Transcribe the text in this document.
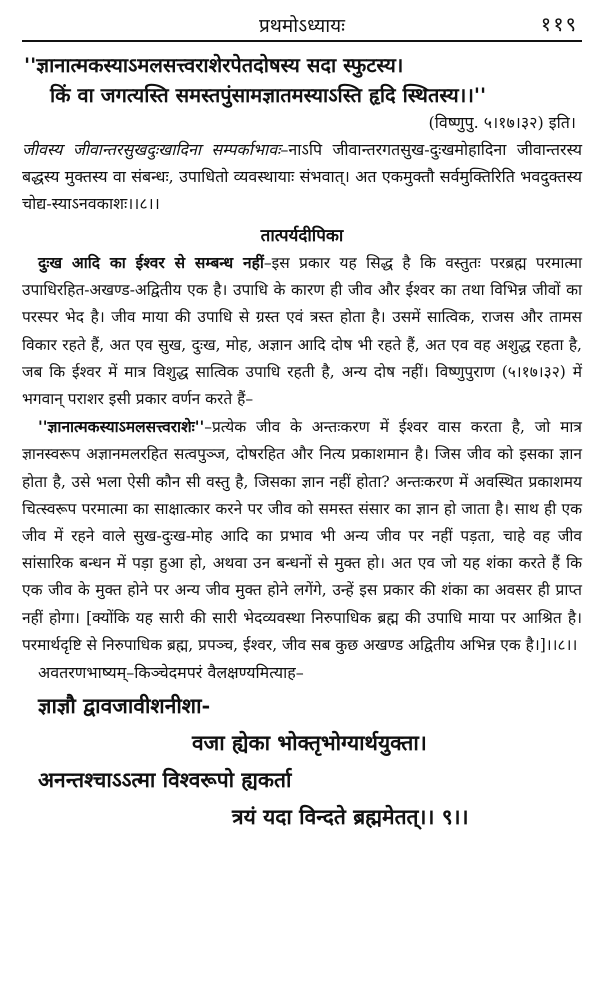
प्रथमोऽध्यायः	११९

''ज्ञानात्मकस्याऽमलसत्त्वराशेरपेतदोषस्य सदा स्फुटस्य।

किं वा जगत्यस्ति समस्तपुंसामज्ञातमस्याऽस्ति हृदि स्थितस्य।।''

(विष्णुपु. ५।१७।३२) इति।

जीवस्य जीवान्तरसुखदुःखादिना सम्पर्काभावः–नाऽपि जीवान्तरगतसुख-दुःखमोहादिना जीवान्तरस्य बद्धस्य मुक्तस्य वा संबन्धः, उपाधितो व्यवस्थायाः संभवात्। अत एकमुक्तौ सर्वमुक्तिरिति भवदुक्तस्य चोद्य-स्याऽनवकाशः।।८।।

तात्पर्यदीपिका

दुःख आदि का ईश्वर से सम्बन्ध नहीं–इस प्रकार यह सिद्ध है कि वस्तुतः परब्रह्म परमात्मा उपाधिरहित-अखण्ड-अद्वितीय एक है। उपाधि के कारण ही जीव और ईश्वर का तथा विभिन्न जीवों का परस्पर भेद है। जीव माया की उपाधि से ग्रस्त एवं त्रस्त होता है। उसमें सात्विक, राजस और तामस विकार रहते हैं, अत एव सुख, दुःख, मोह, अज्ञान आदि दोष भी रहते हैं, अत एव वह अशुद्ध रहता है, जब कि ईश्वर में मात्र विशुद्ध सात्विक उपाधि रहती है, अन्य दोष नहीं। विष्णुपुराण (५।१७।३२) में भगवान् पराशर इसी प्रकार वर्णन करते हैं–

''ज्ञानात्मकस्याऽमलसत्त्वराशेः''–प्रत्येक जीव के अन्तःकरण में ईश्वर वास करता है, जो मात्र ज्ञानस्वरूप अज्ञानमलरहित सत्वपुञ्ज, दोषरहित और नित्य प्रकाशमान है। जिस जीव को इसका ज्ञान होता है, उसे भला ऐसी कौन सी वस्तु है, जिसका ज्ञान नहीं होता? अन्तःकरण में अवस्थित प्रकाशमय चित्स्वरूप परमात्मा का साक्षात्कार करने पर जीव को समस्त संसार का ज्ञान हो जाता है। साथ ही एक जीव में रहने वाले सुख-दुःख-मोह आदि का प्रभाव भी अन्य जीव पर नहीं पड़ता, चाहे वह जीव सांसारिक बन्धन में पड़ा हुआ हो, अथवा उन बन्धनों से मुक्त हो। अत एव जो यह शंका करते हैं कि एक जीव के मुक्त होने पर अन्य जीव मुक्त होने लगेंगे, उन्हें इस प्रकार की शंका का अवसर ही प्राप्त नहीं होगा। [क्योंकि यह सारी की सारी भेदव्यवस्था निरुपाधिक ब्रह्म की उपाधि माया पर आश्रित है। परमार्थदृष्टि से निरुपाधिक ब्रह्म, प्रपञ्च, ईश्वर, जीव सब कुछ अखण्ड अद्वितीय अभिन्न एक है।]।।८।।

अवतरणभाष्यम्–किञ्चेदमपरं वैलक्षण्यमित्याह–

ज्ञाज्ञौ द्वावजावीशनीशा-

वजा ह्येका भोक्तृभोग्यार्थयुक्ता।

अनन्तश्चाऽऽत्मा विश्वरूपो ह्यकर्ता

त्रयं यदा विन्दते ब्रह्ममेतत्।। ९।।
